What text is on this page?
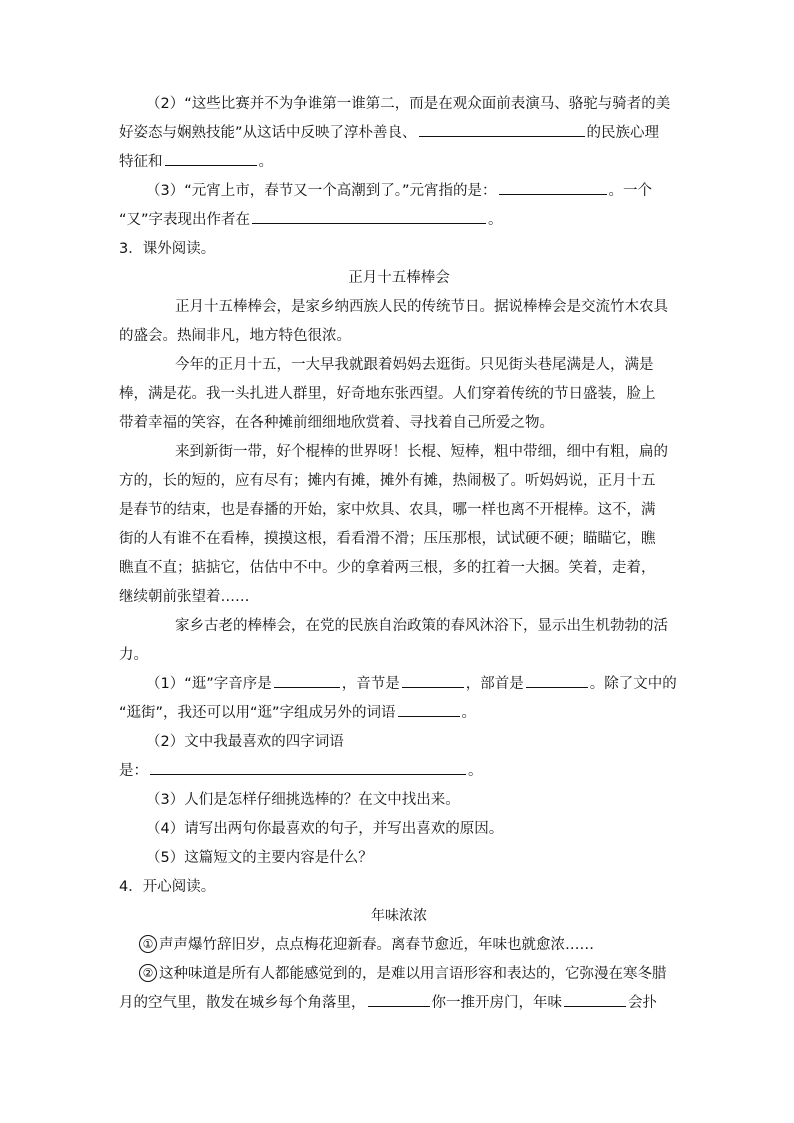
（2）“这些比赛并不为争谁第一谁第二，而是在观众面前表演马、骆驼与骑者的美
好姿态与娴熟技能”从这话中反映了淳朴善良、	的民族心理
特征和	。
（3）“元宵上市，春节又一个高潮到了。”元宵指的是：	。一个
“又”字表现出作者在	。
3．课外阅读。
正月十五棒棒会
正月十五棒棒会，是家乡纳西族人民的传统节日。据说棒棒会是交流竹木农具
的盛会。热闹非凡，地方特色很浓。
今年的正月十五，一大早我就跟着妈妈去逛街。只见街头巷尾满是人，满是
棒，满是花。我一头扎进人群里，好奇地东张西望。人们穿着传统的节日盛装，脸上
带着幸福的笑容，在各种摊前细细地欣赏着、寻找着自己所爱之物。
来到新街一带，好个棍棒的世界呀！长棍、短棒，粗中带细，细中有粗，扁的
方的，长的短的，应有尽有；摊内有摊，摊外有摊，热闹极了。听妈妈说，正月十五
是春节的结束，也是春播的开始，家中炊具、农具，哪一样也离不开棍棒。这不，满
街的人有谁不在看棒，摸摸这根，看看滑不滑；压压那根，试试硬不硬；瞄瞄它，瞧
瞧直不直；掂掂它，估估中不中。少的拿着两三根，多的扛着一大捆。笑着，走着，
继续朝前张望着……
家乡古老的棒棒会，在党的民族自治政策的春风沐浴下，显示出生机勃勃的活
力。
（1）“逛”字音序是	，音节是	，部首是	。除了文中的
“逛街”，我还可以用“逛”字组成另外的词语	。
（2）文中我最喜欢的四字词语
是：	。
（3）人们是怎样仔细挑选棒的？在文中找出来。
（4）请写出两句你最喜欢的句子，并写出喜欢的原因。
（5）这篇短文的主要内容是什么？
4．开心阅读。
年味浓浓
① 声声爆竹辞旧岁，点点梅花迎新春。离春节愈近，年味也就愈浓……
② 这种味道是所有人都能感觉到的，是难以用言语形容和表达的，它弥漫在寒冬腊
月的空气里，散发在城乡每个角落里，	你一推开房门，年味	会扑
